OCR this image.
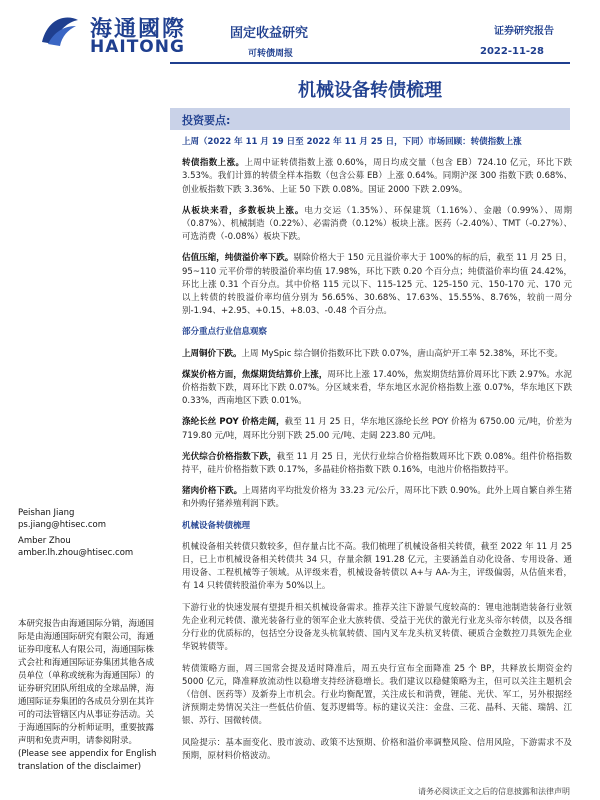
海通國際
HAITONG
固定收益研究
可转债周报
证券研究报告
2022-11-28
机械设备转债梳理
投资要点:
Peishan Jiang
ps.jiang@htisec.com
Amber Zhou
amber.lh.zhou@htisec.com
本研究报告由海通国际分销，海通国际是由海通国际研究有限公司，海通证券印度私人有限公司，海通国际株式会社和海通国际证券集团其他各成员单位（单称或统称为海通国际）的证券研究团队所组成的全球品牌，海通国际证券集团的各成员分别在其许可的司法管辖区内从事证券活动。关于海通国际的分析师证明，重要披露声明和免责声明，请参阅附录。(Please see appendix for English translation of the disclaimer)

上周（2022 年 11 月 19 日至 2022 年 11 月 25 日，下同）市场回顾：转债指数上涨

转债指数上涨。上周中证转债指数上涨 0.60%，周日均成交量（包含 EB）724.10 亿元，环比下跌 3.53%。我们计算的转债全样本指数（包含公募 EB）上涨 0.64%。同期沪深 300 指数下跌 0.68%、创业板指数下跌 3.36%、上证 50 下跌 0.08%。国证 2000 下跌 2.09%。

从板块来看，多数板块上涨。电力交运（1.35%）、环保建筑（1.16%）、金融（0.99%）、周期（0.87%）、机械制造（0.22%）、必需消费（0.12%）板块上涨。医药（-2.40%）、TMT（-0.27%）、可选消费（-0.08%）板块下跌。

估值压缩，纯债溢价率下跌。剔除价格大于 150 元且溢价率大于 100%的标的后，截至 11 月 25 日，95~110 元平价带的转股溢价率均值 17.98%，环比下跌 0.20 个百分点；纯债溢价率均值 24.42%，环比上涨 0.31 个百分点。其中价格 115 元以下、115-125 元、125-150 元、150-170 元、170 元以上转债的转股溢价率均值分别为 56.65%、30.68%、17.63%、15.55%、8.76%，较前一周分别-1.94、+2.95、+0.15、+8.03、-0.48 个百分点。

部分重点行业信息观察

上周铜价下跌。上周 MySpic 综合钢价指数环比下跌 0.07%，唐山高炉开工率 52.38%，环比不变。

煤炭价格方面，焦煤期货结算价上涨，周环比上涨 17.40%，焦炭期货结算价周环比下跌 2.97%。水泥价格指数下跌，周环比下跌 0.07%。分区域来看，华东地区水泥价格指数上涨 0.07%，华东地区下跌 0.33%，西南地区下跌 0.01%。

涤纶长丝 POY 价格走阔，截至 11 月 25 日，华东地区涤纶长丝 POY 价格为 6750.00 元/吨，价差为 719.80 元/吨，周环比分别下跌 25.00 元/吨、走阔 223.80 元/吨。

光伏综合价格指数下跌，截至 11 月 25 日，光伏行业综合价格指数周环比下跌 0.08%。组件价格指数持平，硅片价格指数下跌 0.17%，多晶硅价格指数下跌 0.16%，电池片价格指数持平。

猪肉价格下跌。上周猪肉平均批发价格为 33.23 元/公斤，周环比下跌 0.90%。此外上周自繁自养生猪和外购仔猪养殖利润下跌。

机械设备转债梳理

机械设备相关转债只数较多，但存量占比不高。我们梳理了机械设备相关转债，截至 2022 年 11 月 25 日，已上市机械设备相关转债共 34 只，存量余额 191.28 亿元，主要涵盖自动化设备、专用设备、通用设备、工程机械等子领域。从评级来看，机械设备转债以 A+与 AA-为主，评级偏弱，从估值来看，有 14 只转债转股溢价率为 50%以上。

下游行业的快速发展有望提升相关机械设备需求。推荐关注下游景气度较高的：锂电池制造装备行业领先企业利元转债、激光装备行业的领军企业大族转债、受益于光伏的激光行业龙头帝尔转债，以及各细分行业的优质标的，包括空分设备龙头杭氧转债、国内叉车龙头杭叉转债、硬质合金数控刀具领先企业华锐转债等。

转债策略方面，周三国常会提及适时降准后，周五央行宣布全面降准 25 个 BP，共释放长期资金约 5000 亿元，降准释放流动性以稳增支持经济稳增长。我们建议以稳健策略为主，但可以关注主题机会（信创、医药等）及新券上市机会。行业均衡配置，关注成长和消费，锂能、光伏、军工，另外根据经济预期走势情况关注一些低估价值、复苏逻辑等。标的建议关注：金盘、三花、晶科、天能、瑞鹄、江银、苏行、国微转债。

风险提示：基本面变化、股市波动、政策不达预期、价格和溢价率调整风险、信用风险，下游需求不及预期，原材料价格波动。

请务必阅读正文之后的信息披露和法律声明
